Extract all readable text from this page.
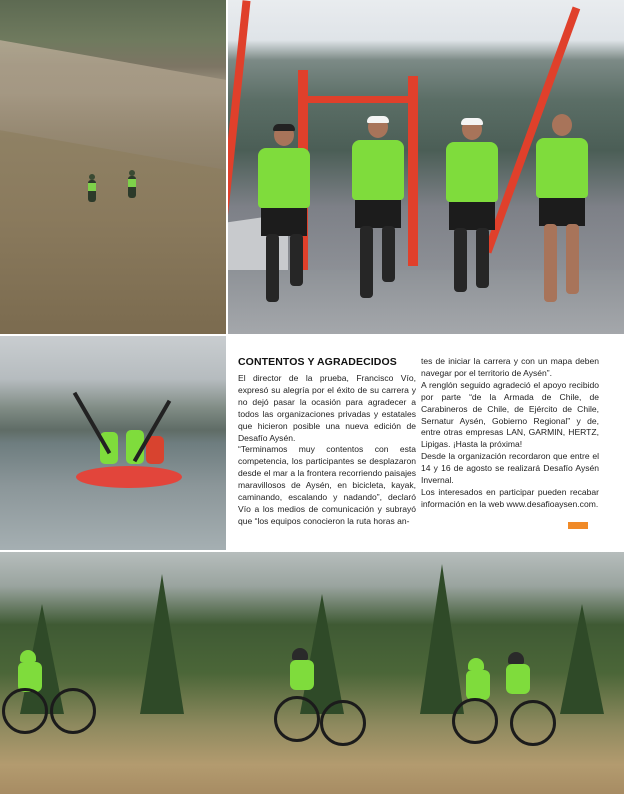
CONTENTOS Y AGRADECIDOS

El director de la prueba, Francisco Vío, expresó su alegría por el éxito de su carrera y no dejó pasar la ocasión para agradecer a todos las organizaciones privadas y estatales que hicieron posible una nueva edición de Desafío Aysén.

“Terminamos muy contentos con esta competencia, los participantes se desplazaron desde el mar a la frontera recorriendo paisajes maravillosos de Aysén, en bicicleta, kayak, caminando, escalando y nadando”, declaró Vío a los medios de comunicación y subrayó que “los equipos conocieron la ruta horas an-

tes de iniciar la carrera y con un mapa deben navegar por el territorio de Aysén”.

A renglón seguido agradeció el apoyo recibido por parte “de la Armada de Chile, de Carabineros de Chile, de Ejército de Chile, Sernatur Aysén, Gobierno Regional” y de, entre otras empresas LAN, GARMIN, HERTZ, Lipigas. ¡Hasta la próxima!

Desde la organización recordaron que entre el 14 y 16 de agosto se realizará Desafío Aysén Invernal.

Los interesados en participar pueden recabar información en la web www.desafioaysen.com.
